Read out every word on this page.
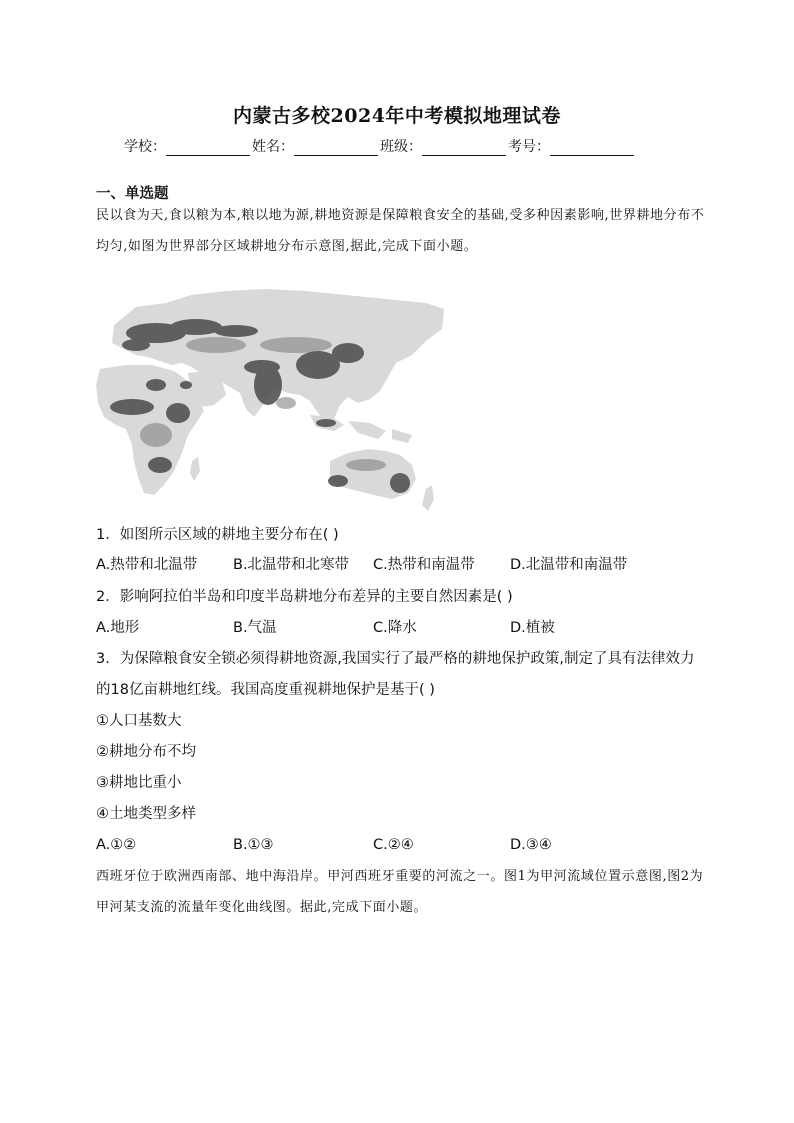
内蒙古多校2024年中考模拟地理试卷
学校：	姓名：	班级：	考号：
一、单选题
民以食为天,食以粮为本,粮以地为源,耕地资源是保障粮食安全的基础,受多种因素影响,世界耕地分布不均匀,如图为世界部分区域耕地分布示意图,据此,完成下面小题。
1．如图所示区域的耕地主要分布在( )
A.热带和北温带 B.北温带和北寒带 C.热带和南温带 D.北温带和南温带
2．影响阿拉伯半岛和印度半岛耕地分布差异的主要自然因素是( )
A.地形	B.气温	C.降水	D.植被
3．为保障粮食安全锁必须得耕地资源,我国实行了最严格的耕地保护政策,制定了具有法律效力的18亿亩耕地红线。我国高度重视耕地保护是基于( )
①人口基数大
②耕地分布不均
③耕地比重小
④土地类型多样
A.①②	B.①③	C.②④	D.③④
西班牙位于欧洲西南部、地中海沿岸。甲河西班牙重要的河流之一。图1为甲河流域位置示意图,图2为甲河某支流的流量年变化曲线图。据此,完成下面小题。
